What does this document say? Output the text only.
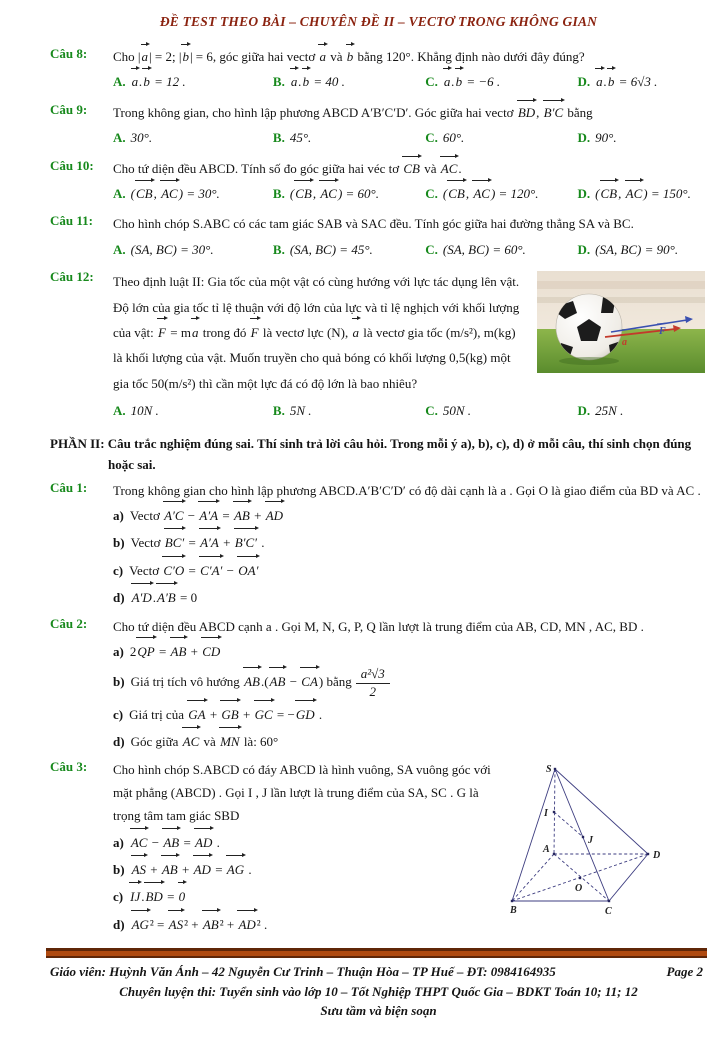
ĐỀ TEST THEO BÀI – CHUYÊN ĐỀ II – VECTƠ TRONG KHÔNG GIAN
Câu 8:	Cho |a| = 2; |b| = 6, góc giữa hai vectơ a và b bằng 120°. Khẳng định nào dưới đây đúng?
A. a.b = 12 .	B. a.b = 40 .	C. a.b = −6 .	D. a.b = 6√3 .
Câu 9:	Trong không gian, cho hình lập phương ABCD A′B′C′D′. Góc giữa hai vectơ BD, B′C bằng
A. 30°.	B. 45°.	C. 60°.	D. 90°.
Câu 10:	Cho tứ diện đều ABCD. Tính số đo góc giữa hai véc tơ CB và AC.
A. (CB, AC) = 30°.	B. (CB, AC) = 60°.	C. (CB, AC) = 120°.	D. (CB, AC) = 150°.
Câu 11:	Cho hình chóp S.ABC có các tam giác SAB và SAC đều. Tính góc giữa hai đường thẳng SA và BC.
A. (SA, BC) = 30°.	B. (SA, BC) = 45°.	C. (SA, BC) = 60°.	D. (SA, BC) = 90°.
Câu 12:
a
F
Theo định luật II: Gia tốc của một vật có cùng hướng với lực tác dụng lên vật. Độ lớn của gia tốc tỉ lệ thuận với độ lớn của lực và tỉ lệ nghịch với khối lượng của vật: F = ma trong đó F là vectơ lực (N), a là vectơ gia tốc (m/s²), m(kg) là khối lượng của vật. Muốn truyền cho quả bóng có khối lượng 0,5(kg) một gia tốc 50(m/s²) thì cần một lực đá có độ lớn là bao nhiêu?
A. 10N .	B. 5N .	C. 50N .	D. 25N .
PHẦN II: Câu trắc nghiệm đúng sai. Thí sinh trả lời câu hỏi. Trong mỗi ý a), b), c), d) ở mỗi câu, thí sinh chọn đúng hoặc sai.
Câu 1:	Trong không gian cho hình lập phương ABCD.A′B′C′D′ có độ dài cạnh là a . Gọi O là giao điểm của BD và AC .
a) Vectơ A′C − A′A = AB + AD
b) Vectơ BC′ = A′A + B′C′ .
c) Vectơ C′O = C′A′ − OA′
d) A′D.A′B = 0
Câu 2:	Cho tứ diện đều ABCD cạnh a . Gọi M, N, G, P, Q lần lượt là trung điểm của AB, CD, MN , AC, BD .
a) 2QP = AB + CD
b) Giá trị tích vô hướng AB.(AB − CA) bằng $\frac{\text{a²√3}}{2}$
c) Giá trị của GA + GB + GC = −GD .
d) Góc giữa AC và MN là: 60°
Câu 3:	S
I
J
A
D
O
B	C
Cho hình chóp S.ABCD có đáy ABCD là hình vuông, SA vuông góc với mặt phẳng (ABCD) . Gọi I , J lần lượt là trung điểm của SA, SC . G là trọng tâm tam giác SBD
a) AC − AB = AD .
b) AS + AB + AD = AG .
c) IJ.BD = 0
d) AG² = AS² + AB² + AD² .
Giáo viên: Huỳnh Văn Ánh – 42 Nguyễn Cư Trinh – Thuận Hòa – TP Huế – ĐT: 0984164935	Page 2
Chuyên luyện thi: Tuyển sinh vào lớp 10 – Tốt Nghiệp THPT Quốc Gia – BDKT Toán 10; 11; 12
Sưu tầm và biện soạn
